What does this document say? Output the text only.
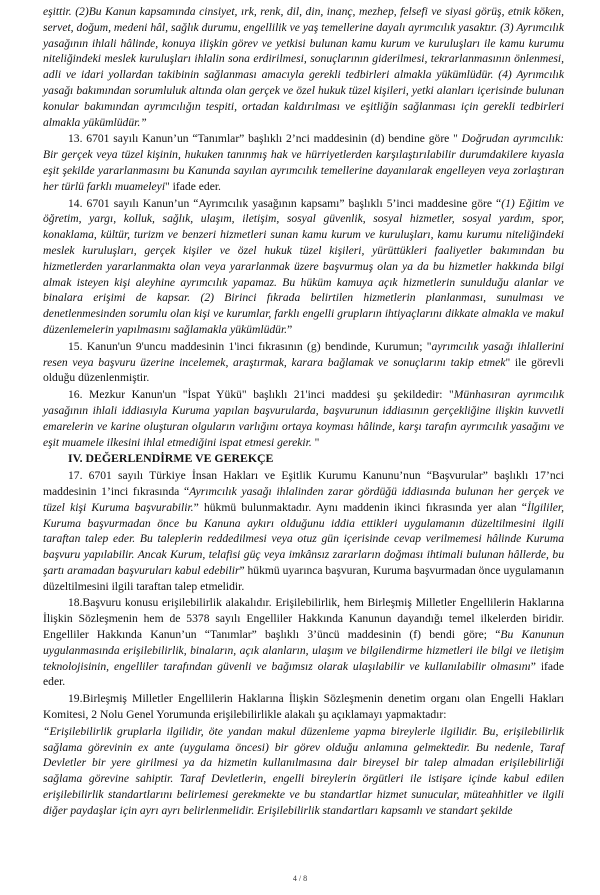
eşittir. (2)Bu Kanun kapsamında cinsiyet, ırk, renk, dil, din, inanç, mezhep, felsefi ve siyasi görüş, etnik köken, servet, doğum, medeni hâl, sağlık durumu, engellilik ve yaş temellerine dayalı ayrımcılık yasaktır. (3) Ayrımcılık yasağının ihlali hâlinde, konuya ilişkin görev ve yetkisi bulunan kamu kurum ve kuruluşları ile kamu kurumu niteliğindeki meslek kuruluşları ihlalin sona erdirilmesi, sonuçlarının giderilmesi, tekrarlanmasının önlenmesi, adli ve idari yollardan takibinin sağlanması amacıyla gerekli tedbirleri almakla yükümlüdür. (4) Ayrımcılık yasağı bakımından sorumluluk altında olan gerçek ve özel hukuk tüzel kişileri, yetki alanları içerisinde bulunan konular bakımından ayrımcılığın tespiti, ortadan kaldırılması ve eşitliğin sağlanması için gerekli tedbirleri almakla yükümlüdür.”

13. 6701 sayılı Kanun’un “Tanımlar” başlıklı 2’nci maddesinin (d) bendine göre " Doğrudan ayrımcılık: Bir gerçek veya tüzel kişinin, hukuken tanınmış hak ve hürriyetlerden karşılaştırılabilir durumdakilere kıyasla eşit şekilde yararlanmasını bu Kanunda sayılan ayrımcılık temellerine dayanılarak engelleyen veya zorlaştıran her türlü farklı muameleyi" ifade eder.

14. 6701 sayılı Kanun’un “Ayrımcılık yasağının kapsamı” başlıklı 5’inci maddesine göre “(1) Eğitim ve öğretim, yargı, kolluk, sağlık, ulaşım, iletişim, sosyal güvenlik, sosyal hizmetler, sosyal yardım, spor, konaklama, kültür, turizm ve benzeri hizmetleri sunan kamu kurum ve kuruluşları, kamu kurumu niteliğindeki meslek kuruluşları, gerçek kişiler ve özel hukuk tüzel kişileri, yürüttükleri faaliyetler bakımından bu hizmetlerden yararlanmakta olan veya yararlanmak üzere başvurmuş olan ya da bu hizmetler hakkında bilgi almak isteyen kişi aleyhine ayrımcılık yapamaz. Bu hüküm kamuya açık hizmetlerin sunulduğu alanlar ve binalara erişimi de kapsar. (2) Birinci fıkrada belirtilen hizmetlerin planlanması, sunulması ve denetlenmesinden sorumlu olan kişi ve kurumlar, farklı engelli grupların ihtiyaçlarını dikkate almakla ve makul düzenlemelerin yapılmasını sağlamakla yükümlüdür.”

15. Kanun'un 9'uncu maddesinin 1'inci fıkrasının (g) bendinde, Kurumun; "ayrımcılık yasağı ihlallerini resen veya başvuru üzerine incelemek, araştırmak, karara bağlamak ve sonuçlarını takip etmek" ile görevli olduğu düzenlenmiştir.

16. Mezkur Kanun'un "İspat Yükü" başlıklı 21'inci maddesi şu şekildedir: "Münhasıran ayrımcılık yasağının ihlali iddiasıyla Kuruma yapılan başvurularda, başvurunun iddiasının gerçekliğine ilişkin kuvvetli emarelerin ve karine oluşturan olguların varlığını ortaya koyması hâlinde, karşı tarafın ayrımcılık yasağını ve eşit muamele ilkesini ihlal etmediğini ispat etmesi gerekir. "

IV. DEĞERLENDİRME VE GEREKÇE

17. 6701 sayılı Türkiye İnsan Hakları ve Eşitlik Kurumu Kanunu’nun “Başvurular” başlıklı 17’nci maddesinin 1’inci fıkrasında “Ayrımcılık yasağı ihlalinden zarar gördüğü iddiasında bulunan her gerçek ve tüzel kişi Kuruma başvurabilir.” hükmü bulunmaktadır. Aynı maddenin ikinci fıkrasında yer alan “İlgililer, Kuruma başvurmadan önce bu Kanuna aykırı olduğunu iddia ettikleri uygulamanın düzeltilmesini ilgili taraftan talep eder. Bu taleplerin reddedilmesi veya otuz gün içerisinde cevap verilmemesi hâlinde Kuruma başvuru yapılabilir. Ancak Kurum, telafisi güç veya imkânsız zararların doğması ihtimali bulunan hâllerde, bu şartı aramadan başvuruları kabul edebilir” hükmü uyarınca başvuran, Kuruma başvurmadan önce uygulamanın düzeltilmesini ilgili taraftan talep etmelidir.

18.Başvuru konusu erişilebilirlik alakalıdır. Erişilebilirlik, hem Birleşmiş Milletler Engellilerin Haklarına İlişkin Sözleşmenin hem de 5378 sayılı Engelliler Hakkında Kanunun dayandığı temel ilkelerden biridir. Engelliler Hakkında Kanun’un “Tanımlar” başlıklı 3’üncü maddesinin (f) bendi göre; “Bu Kanunun uygulanmasında erişilebilirlik, binaların, açık alanların, ulaşım ve bilgilendirme hizmetleri ile bilgi ve iletişim teknolojisinin, engelliler tarafından güvenli ve bağımsız olarak ulaşılabilir ve kullanılabilir olmasını” ifade eder.

19.Birleşmiş Milletler Engellilerin Haklarına İlişkin Sözleşmenin denetim organı olan Engelli Hakları Komitesi, 2 Nolu Genel Yorumunda erişilebilirlikle alakalı şu açıklamayı yapmaktadır:

“Erişilebilirlik gruplarla ilgilidir, öte yandan makul düzenleme yapma bireylerle ilgilidir. Bu, erişilebilirlik sağlama görevinin ex ante (uygulama öncesi) bir görev olduğu anlamına gelmektedir. Bu nedenle, Taraf Devletler bir yere girilmesi ya da hizmetin kullanılmasına dair bireysel bir talep almadan erişilebilirliği sağlama görevine sahiptir. Taraf Devletlerin, engelli bireylerin örgütleri ile istişare içinde kabul edilen erişilebilirlik standartlarını belirlemesi gerekmekte ve bu standartlar hizmet sunucular, müteahhitler ve ilgili diğer paydaşlar için ayrı ayrı belirlenmelidir. Erişilebilirlik standartları kapsamlı ve standart şekilde

4 / 8
